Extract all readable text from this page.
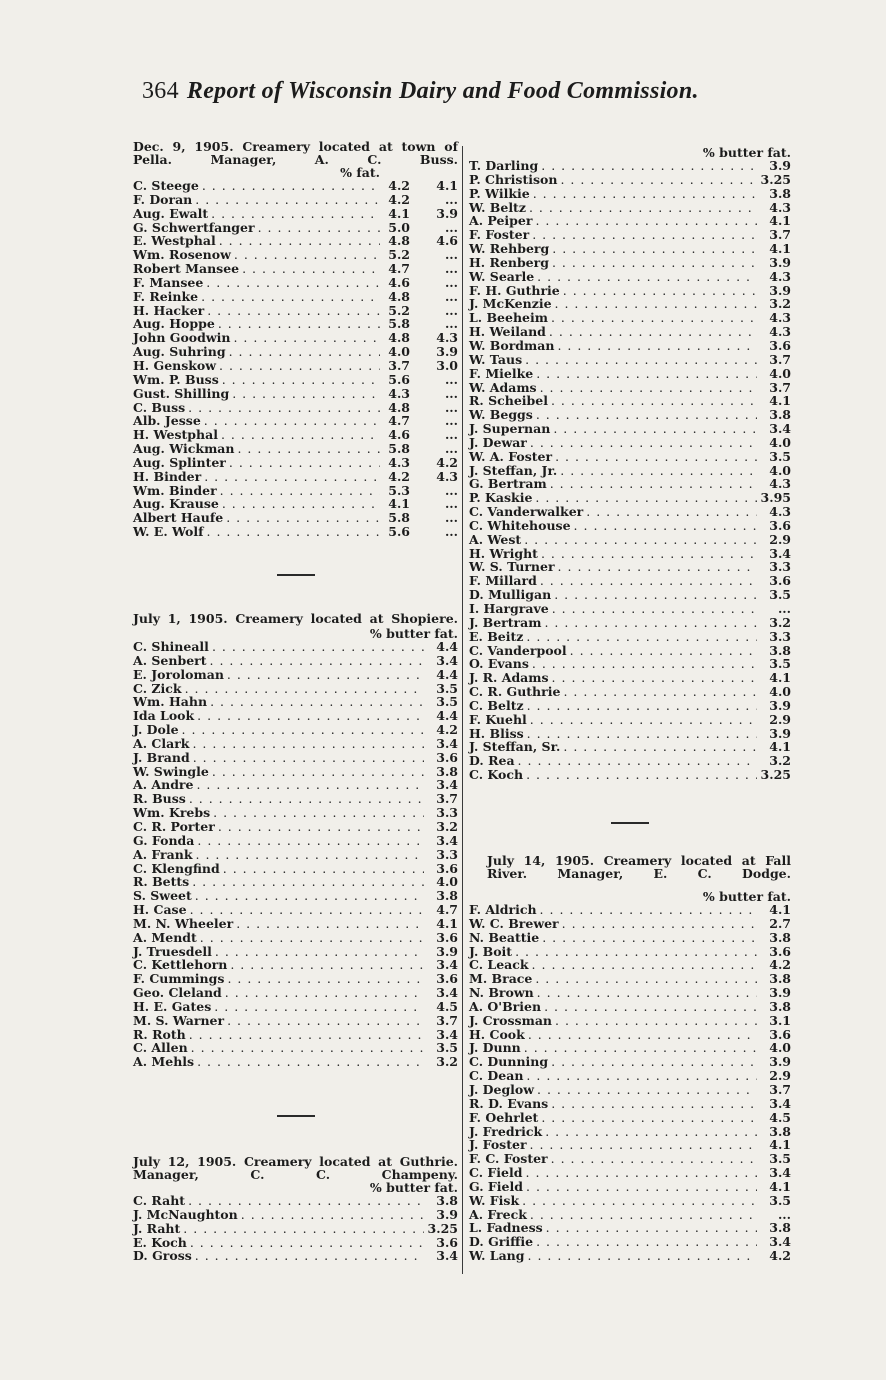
364 Report of Wisconsin Dairy and Food Commission.
Dec. 9, 1905. Creamery located at town of Pella. Manager, A. C. Buss.
% fat.
C. Steege . . .	4.2	4.1
F. Doran . . .	4.2	...
Aug. Ewalt . . .	4.1	3.9
G. Schwertfanger . . .	5.0	...
E. Westphal . . .	4.8	4.6
Wm. Rosenow . . .	5.2	...
Robert Mansee . . .	4.7	...
F. Mansee . . .	4.6	...
F. Reinke . . .	4.8	...
H. Hacker . . .	5.2	...
Aug. Hoppe . . .	5.8	...
John Goodwin . . .	4.8	4.3
Aug. Suhring . . .	4.0	3.9
H. Genskow . . .	3.7	3.0
Wm. P. Buss . . .	5.6	...
Gust. Shilling . . .	4.3	...
C. Buss . . .	4.8	...
Alb. Jesse . . .	4.7	...
H. Westphal . . .	4.6	...
Aug. Wickman . . .	5.8	...
Aug. Splinter . . .	4.3	4.2
H. Binder . . .	4.2	4.3
Wm. Binder . . .	5.3	...
Aug. Krause . . .	4.1	...
Albert Haufe . . .	5.8	...
W. E. Wolf . . .	5.6	...
July 1, 1905. Creamery located at Shopiere.
% butter fat.
C. Shineall . . .	4.4
A. Senbert . . .	3.4
E. Joroloman . . .	4.4
C. Zick . . .	3.5
Wm. Hahn . . .	3.5
Ida Look . . .	4.4
J. Dole . . .	4.2
A. Clark . . .	3.4
J. Brand . . .	3.6
W. Swingle . . .	3.8
A. Andre . . .	3.4
R. Buss . . .	3.7
Wm. Krebs . . .	3.3
C. R. Porter . . .	3.2
G. Fonda . . .	3.4
A. Frank . . .	3.3
C. Klengfind . . .	3.6
R. Betts . . .	4.0
S. Sweet . . .	3.8
H. Case . . .	4.7
M. N. Wheeler . . .	4.1
A. Mendt . . .	3.6
J. Truesdell . . .	3.9
C. Kettlehorn . . .	3.4
F. Cummings . . .	3.6
Geo. Cleland . . .	3.4
H. E. Gates . . .	4.5
M. S. Warner . . .	3.7
R. Roth . . .	3.4
C. Allen . . .	3.5
A. Mehls . . .	3.2
July 12, 1905. Creamery located at Guthrie. Manager, C. C. Champeny.
% butter fat.
C. Raht . . .	3.8
J. McNaughton . . .	3.9
J. Raht . . .	3.25
E. Koch . . .	3.6
D. Gross . . .	3.4
% butter fat.
T. Darling . . .	3.9
P. Christison . . .	3.25
P. Wilkie . . .	3.8
W. Beltz . . .	4.3
A. Peiper . . .	4.1
F. Foster . . .	3.7
W. Rehberg . . .	4.1
H. Renberg . . .	3.9
W. Searle . . .	4.3
F. H. Guthrie . . .	3.9
J. McKenzie . . .	3.2
L. Beeheim . . .	4.3
H. Weiland . . .	4.3
W. Bordman . . .	3.6
W. Taus . . .	3.7
F. Mielke . . .	4.0
W. Adams . . .	3.7
R. Scheibel . . .	4.1
W. Beggs . . .	3.8
J. Supernan . . .	3.4
J. Dewar . . .	4.0
W. A. Foster . . .	3.5
J. Steffan, Jr. . . .	4.0
G. Bertram . . .	4.3
P. Kaskie . . .	3.95
C. Vanderwalker . . .	4.3
C. Whitehouse . . .	3.6
A. West . . .	2.9
H. Wright . . .	3.4
W. S. Turner . . .	3.3
F. Millard . . .	3.6
D. Mulligan . . .	3.5
I. Hargrave . . .	...
J. Bertram . . .	3.2
E. Beitz . . .	3.3
C. Vanderpool . . .	3.8
O. Evans . . .	3.5
J. R. Adams . . .	4.1
C. R. Guthrie . . .	4.0
C. Beltz . . .	3.9
F. Kuehl . . .	2.9
H. Bliss . . .	3.9
J. Steffan, Sr. . . .	4.1
D. Rea . . .	3.2
C. Koch . . .	3.25
July 14, 1905. Creamery located at Fall River. Manager, E. C. Dodge.
% butter fat.
F. Aldrich . . .	4.1
W. C. Brewer . . .	2.7
N. Beattie . . .	3.8
J. Boit . . .	3.6
C. Leack . . .	4.2
M. Brace . . .	3.8
N. Brown . . .	3.9
A. O'Brien . . .	3.8
J. Crossman . . .	3.1
H. Cook . . .	3.6
J. Dunn . . .	4.0
C. Dunning . . .	3.9
C. Dean . . .	2.9
J. Deglow . . .	3.7
R. D. Evans . . .	3.4
F. Oehrlet . . .	4.5
J. Fredrick . . .	3.8
J. Foster . . .	4.1
F. C. Foster . . .	3.5
C. Field . . .	3.4
G. Field . . .	4.1
W. Fisk . . .	3.5
A. Freck . . .	...
L. Fadness . . .	3.8
D. Griffie . . .	3.4
W. Lang . . .	4.2
